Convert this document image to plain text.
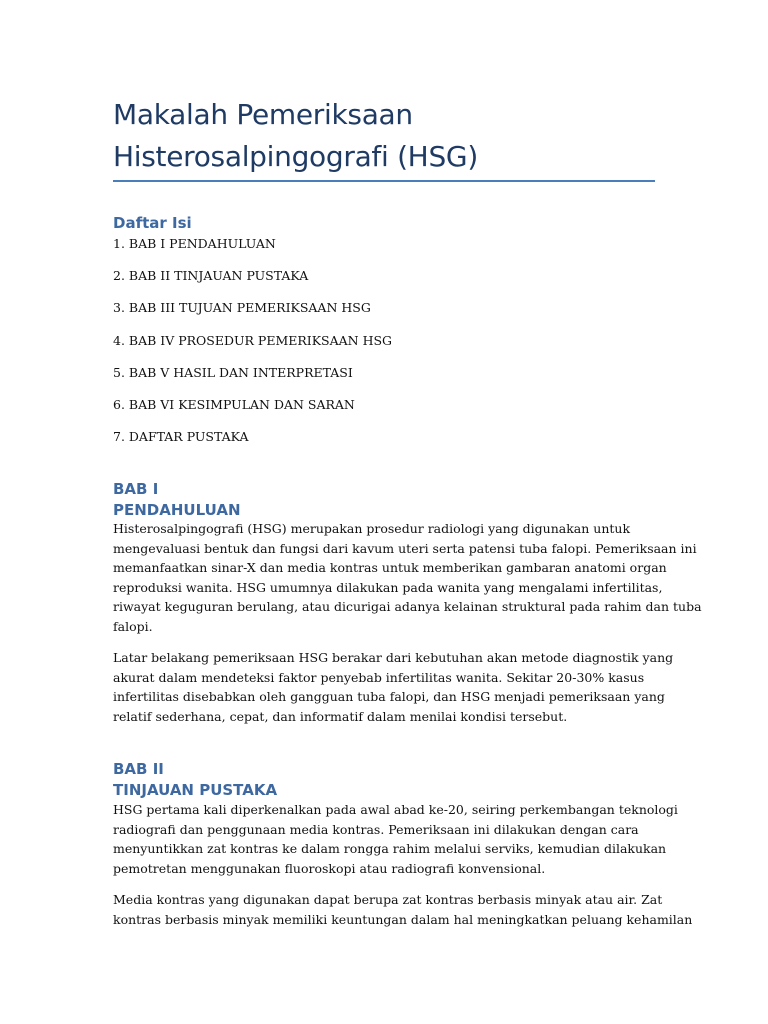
Makalah Pemeriksaan
Histerosalpingografi (HSG)
Daftar Isi
1. BAB I PENDAHULUAN
2. BAB II TINJAUAN PUSTAKA
3. BAB III TUJUAN PEMERIKSAAN HSG
4. BAB IV PROSEDUR PEMERIKSAAN HSG
5. BAB V HASIL DAN INTERPRETASI
6. BAB VI KESIMPULAN DAN SARAN
7. DAFTAR PUSTAKA
BAB I
PENDAHULUAN

Histerosalpingografi (HSG) merupakan prosedur radiologi yang digunakan untuk
mengevaluasi bentuk dan fungsi dari kavum uteri serta patensi tuba falopi. Pemeriksaan ini
memanfaatkan sinar-X dan media kontras untuk memberikan gambaran anatomi organ
reproduksi wanita. HSG umumnya dilakukan pada wanita yang mengalami infertilitas,
riwayat keguguran berulang, atau dicurigai adanya kelainan struktural pada rahim dan tuba
falopi.

Latar belakang pemeriksaan HSG berakar dari kebutuhan akan metode diagnostik yang
akurat dalam mendeteksi faktor penyebab infertilitas wanita. Sekitar 20-30% kasus
infertilitas disebabkan oleh gangguan tuba falopi, dan HSG menjadi pemeriksaan yang
relatif sederhana, cepat, dan informatif dalam menilai kondisi tersebut.

BAB II
TINJAUAN PUSTAKA

HSG pertama kali diperkenalkan pada awal abad ke-20, seiring perkembangan teknologi
radiografi dan penggunaan media kontras. Pemeriksaan ini dilakukan dengan cara
menyuntikkan zat kontras ke dalam rongga rahim melalui serviks, kemudian dilakukan
pemotretan menggunakan fluoroskopi atau radiografi konvensional.

Media kontras yang digunakan dapat berupa zat kontras berbasis minyak atau air. Zat
kontras berbasis minyak memiliki keuntungan dalam hal meningkatkan peluang kehamilan
